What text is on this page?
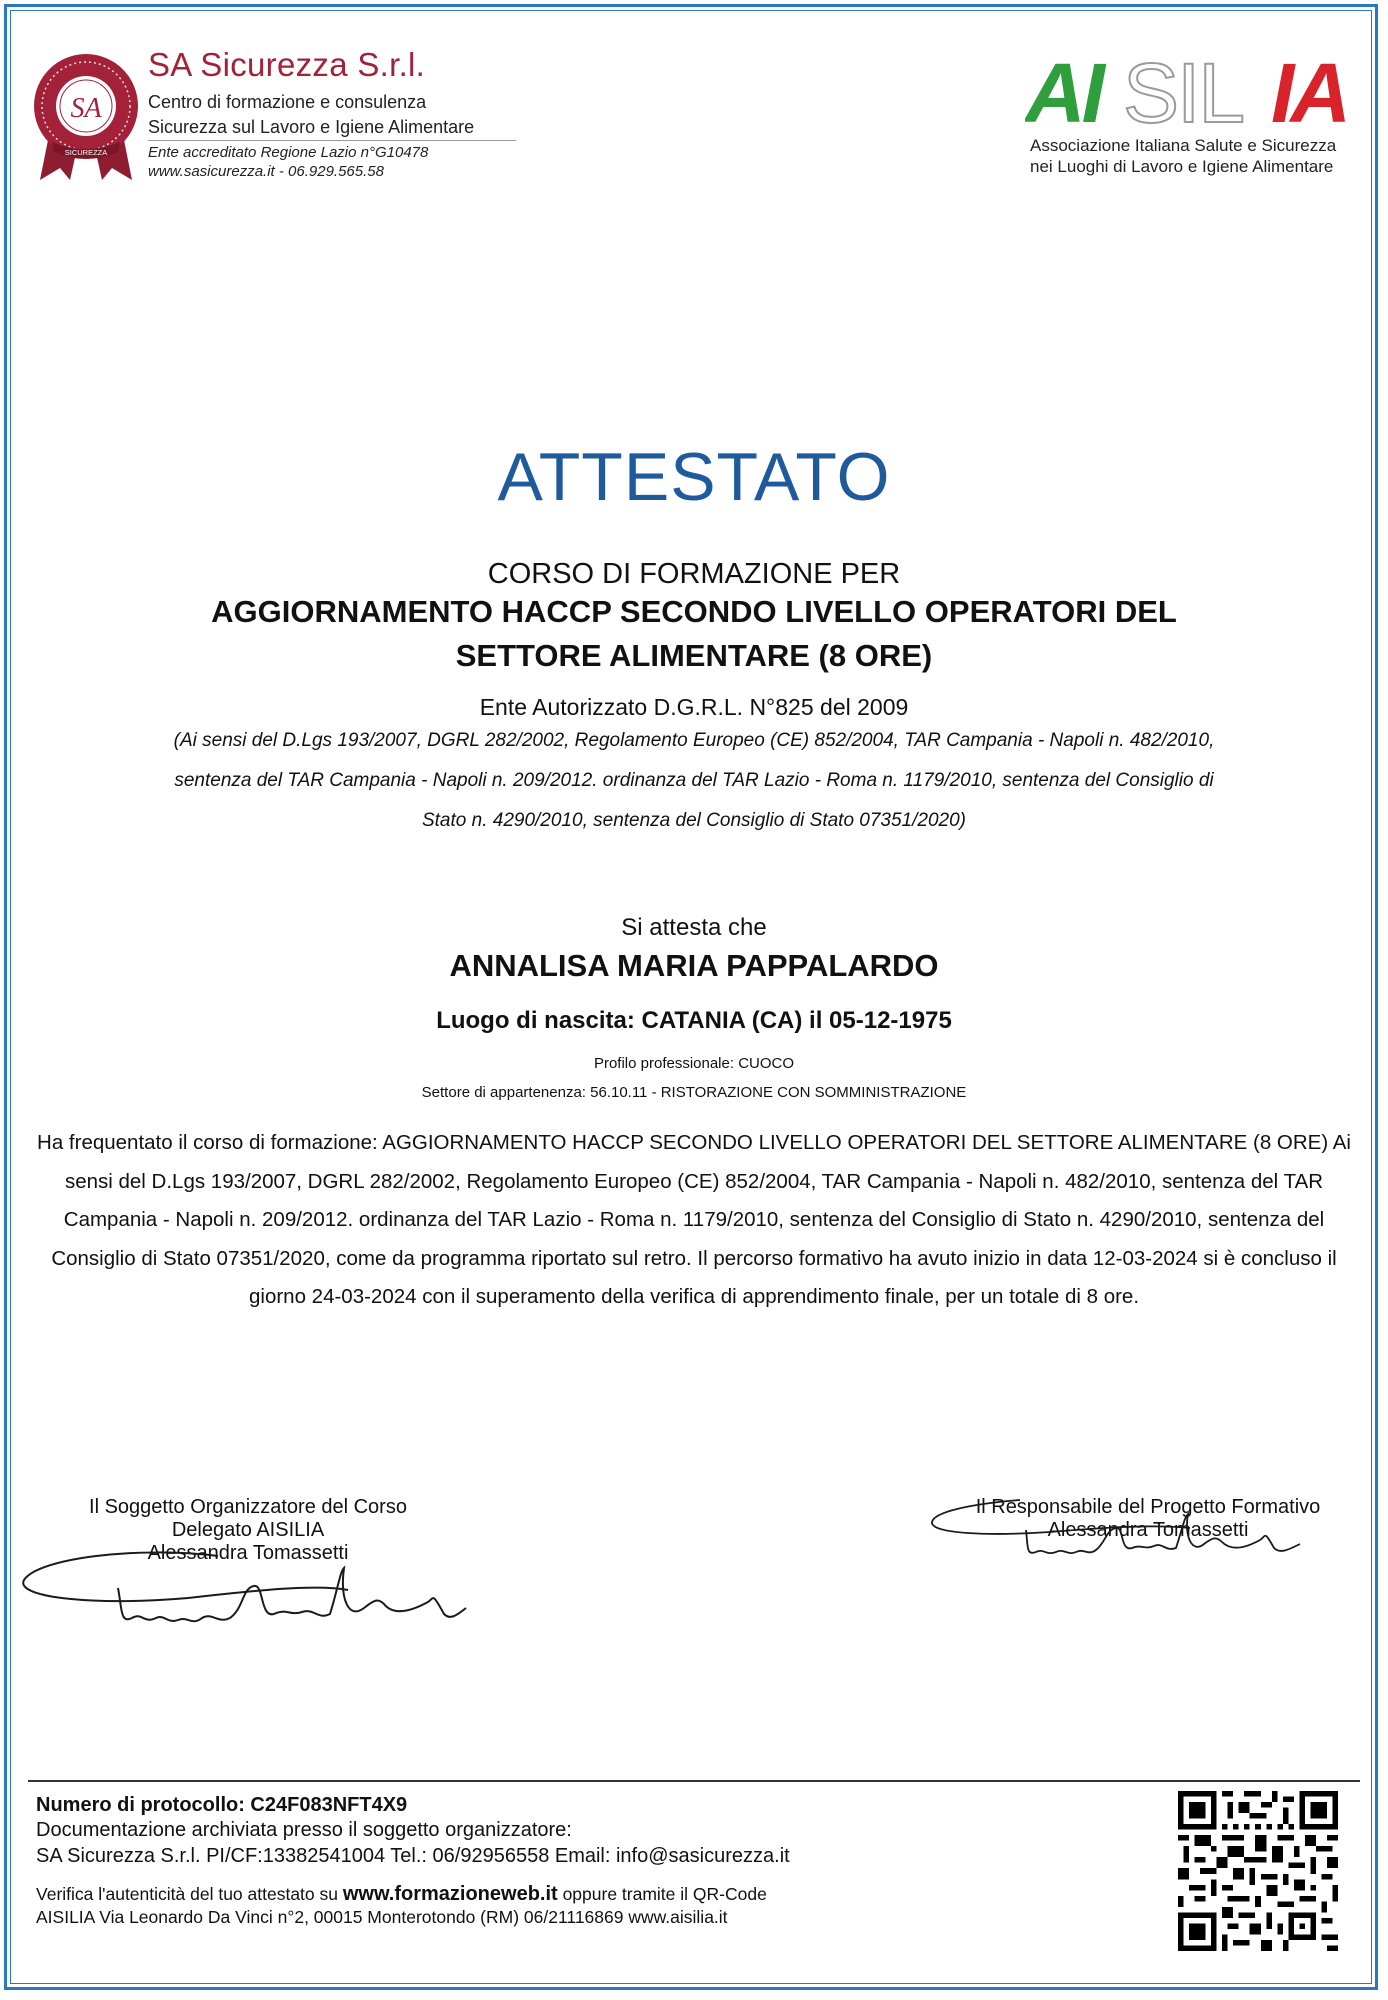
SA
SICUREZZA
SA Sicurezza S.r.l.
Centro di formazione e consulenza
Sicurezza sul Lavoro e Igiene Alimentare
Ente accreditato Regione Lazio n°G10478
www.sasicurezza.it - 06.929.565.58
AI SIL IA
Associazione Italiana Salute e Sicurezza
nei Luoghi di Lavoro e Igiene Alimentare
ATTESTATO
CORSO DI FORMAZIONE PER
AGGIORNAMENTO HACCP SECONDO LIVELLO OPERATORI DEL
SETTORE ALIMENTARE (8 ORE)
Ente Autorizzato D.G.R.L. N°825 del 2009
(Ai sensi del D.Lgs 193/2007, DGRL 282/2002, Regolamento Europeo (CE) 852/2004, TAR Campania - Napoli n. 482/2010,
sentenza del TAR Campania - Napoli n. 209/2012. ordinanza del TAR Lazio - Roma n. 1179/2010, sentenza del Consiglio di
Stato n. 4290/2010, sentenza del Consiglio di Stato 07351/2020)
Si attesta che
ANNALISA MARIA PAPPALARDO
Luogo di nascita: CATANIA (CA) il 05-12-1975
Profilo professionale: CUOCO
Settore di appartenenza: 56.10.11 - RISTORAZIONE CON SOMMINISTRAZIONE
Ha frequentato il corso di formazione: AGGIORNAMENTO HACCP SECONDO LIVELLO OPERATORI DEL SETTORE ALIMENTARE (8 ORE) Ai sensi del D.Lgs 193/2007, DGRL 282/2002, Regolamento Europeo (CE) 852/2004, TAR Campania - Napoli n. 482/2010, sentenza del TAR Campania - Napoli n. 209/2012. ordinanza del TAR Lazio - Roma n. 1179/2010, sentenza del Consiglio di Stato n. 4290/2010, sentenza del Consiglio di Stato 07351/2020, come da programma riportato sul retro. Il percorso formativo ha avuto inizio in data 12-03-2024 si è concluso il giorno 24-03-2024 con il superamento della verifica di apprendimento finale, per un totale di 8 ore.
Il Soggetto Organizzatore del Corso
Delegato AISILIA
Alessandra Tomassetti
Il Responsabile del Progetto Formativo
Alessandra Tomassetti
Numero di protocollo: C24F083NFT4X9
Documentazione archiviata presso il soggetto organizzatore:
SA Sicurezza S.r.l. PI/CF:13382541004 Tel.: 06/92956558 Email: info@sasicurezza.it
Verifica l'autenticità del tuo attestato su www.formazioneweb.it oppure tramite il QR-Code
AISILIA Via Leonardo Da Vinci n°2, 00015 Monterotondo (RM) 06/21116869 www.aisilia.it
